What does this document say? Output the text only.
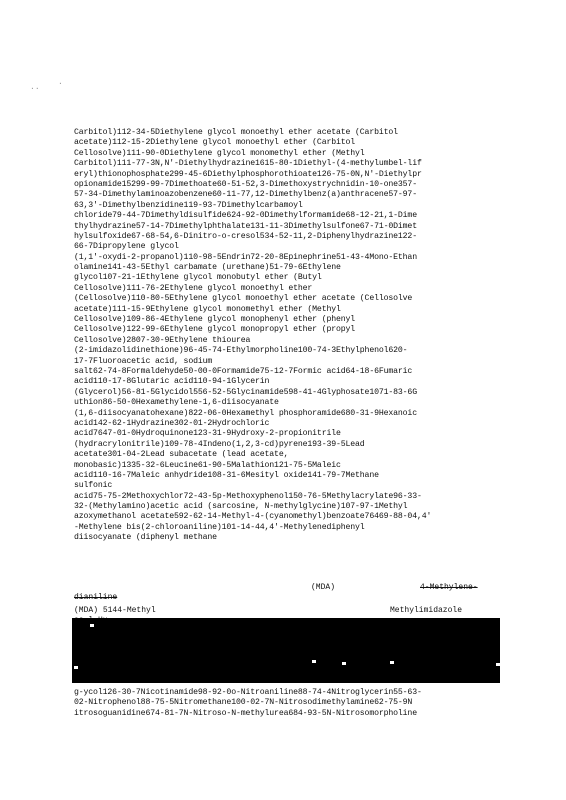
··
·
Carbitol)112-34-5Diethylene glycol monoethyl ether acetate (Carbitol
acetate)112-15-2Diethylene glycol monoethyl ether (Carbitol
Cellosolve)111-90-0Diethylene glycol monomethyl ether (Methyl
Carbitol)111-77-3N,N'-Diethylhydrazine1615-80-1Diethyl-(4-methylumbel-lif
eryl)thionophosphate299-45-6Diethylphosphorothioate126-75-0N,N'-Diethylpr
opionamide15299-99-7Dimethoate60-51-52,3-Dimethoxystrychnidin-10-one357-
57-34-Dimethylaminoazobenzene60-11-77,12-Dimethylbenz(a)anthracene57-97-
63,3'-Dimethylbenzidine119-93-7Dimethylcarbamoyl
chloride79-44-7Dimethyldisulfide624-92-0Dimethylformamide68-12-21,1-Dime
thylhydrazine57-14-7Dimethylphthalate131-11-3Dimethylsulfone67-71-0Dimet
hylsulfoxide67-68-54,6-Dinitro-o-cresol534-52-11,2-Diphenylhydrazine122-
66-7Dipropylene glycol
(1,1'-oxydi-2-propanol)110-98-5Endrin72-20-8Epinephrine51-43-4Mono-Ethan
olamine141-43-5Ethyl carbamate (urethane)51-79-6Ethylene
glycol107-21-1Ethylene glycol monobutyl ether (Butyl
Cellosolve)111-76-2Ethylene glycol monoethyl ether
(Cellosolve)110-80-5Ethylene glycol monoethyl ether acetate (Cellosolve
acetate)111-15-9Ethylene glycol monomethyl ether (Methyl
Cellosolve)109-86-4Ethylene glycol monophenyl ether (phenyl
Cellosolve)122-99-6Ethylene glycol monopropyl ether (propyl
Cellosolve)2807-30-9Ethylene thiourea
(2-imidazolidinethione)96-45-74-Ethylmorpholine100-74-3Ethylphenol620-
17-7Fluoroacetic acid, sodium
salt62-74-8Formaldehyde50-00-0Formamide75-12-7Formic acid64-18-6Fumaric
acid110-17-8Glutaric acid110-94-1Glycerin
(Glycerol)56-81-5Glycidol556-52-5Glycinamide598-41-4Glyphosate1071-83-6G
uthion86-50-0Hexamethylene-1,6-diisocyanate
(1,6-diisocyanatohexane)822-06-0Hexamethyl phosphoramide680-31-9Hexanoic
acid142-62-1Hydrazine302-01-2Hydrochloric
acid7647-01-0Hydroquinone123-31-9Hydroxy-2-propionitrile
(hydracrylonitrile)109-78-4Indeno(1,2,3-cd)pyrene193-39-5Lead
acetate301-04-2Lead subacetate (lead acetate,
monobasic)1335-32-6Leucine61-90-5Malathion121-75-5Maleic
acid110-16-7Maleic anhydride108-31-6Mesityl oxide141-79-7Methane
sulfonic
acid75-75-2Methoxychlor72-43-5p-Methoxyphenol150-76-5Methylacrylate96-33-
32-(Methylamino)acetic acid (sarcosine, N-methylglycine)107-97-1Methyl
azoxymethanol acetate592-62-14-Methyl-4-(cyanomethyl)benzoate76469-88-04,4'
-Methylene bis(2-chloroaniline)101-14-44,4'-Methylenediphenyl
diisocyanate (diphenyl methane
(MDA)	4-Methylene-
dianiline
(MDA) 5144-Methyl	Methylimidazole
g-ycol126-30-7Nicotinamide98-92-0o-Nitroaniline88-74-4Nitroglycerin55-63-
02-Nitrophenol88-75-5Nitromethane100-02-7N-Nitrosodimethylamine62-75-9N
itrosoguanidine674-81-7N-Nitroso-N-methylurea684-93-5N-Nitrosomorpholine
